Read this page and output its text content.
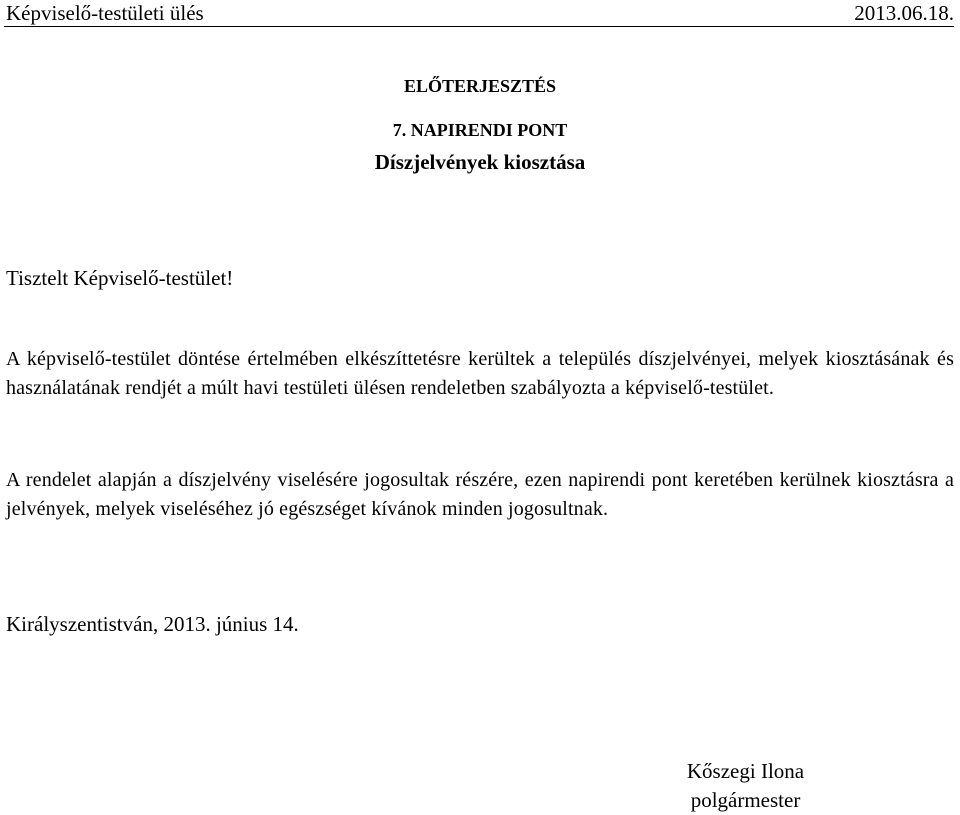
Képviselő-testületi ülés	2013.06.18.
ELŐTERJESZTÉS
7. NAPIRENDI PONT
Díszjelvények kiosztása
Tisztelt Képviselő-testület!
A képviselő-testület döntése értelmében elkészíttetésre kerültek a település díszjelvényei, melyek kiosztásának és használatának rendjét a múlt havi testületi ülésen rendeletben szabályozta a képviselő-testület.
A rendelet alapján a díszjelvény viselésére jogosultak részére, ezen napirendi pont keretében kerülnek kiosztásra a jelvények, melyek viseléséhez jó egészséget kívánok minden jogosultnak.
Királyszentistván, 2013. június 14.
Kőszegi Ilona
polgármester
